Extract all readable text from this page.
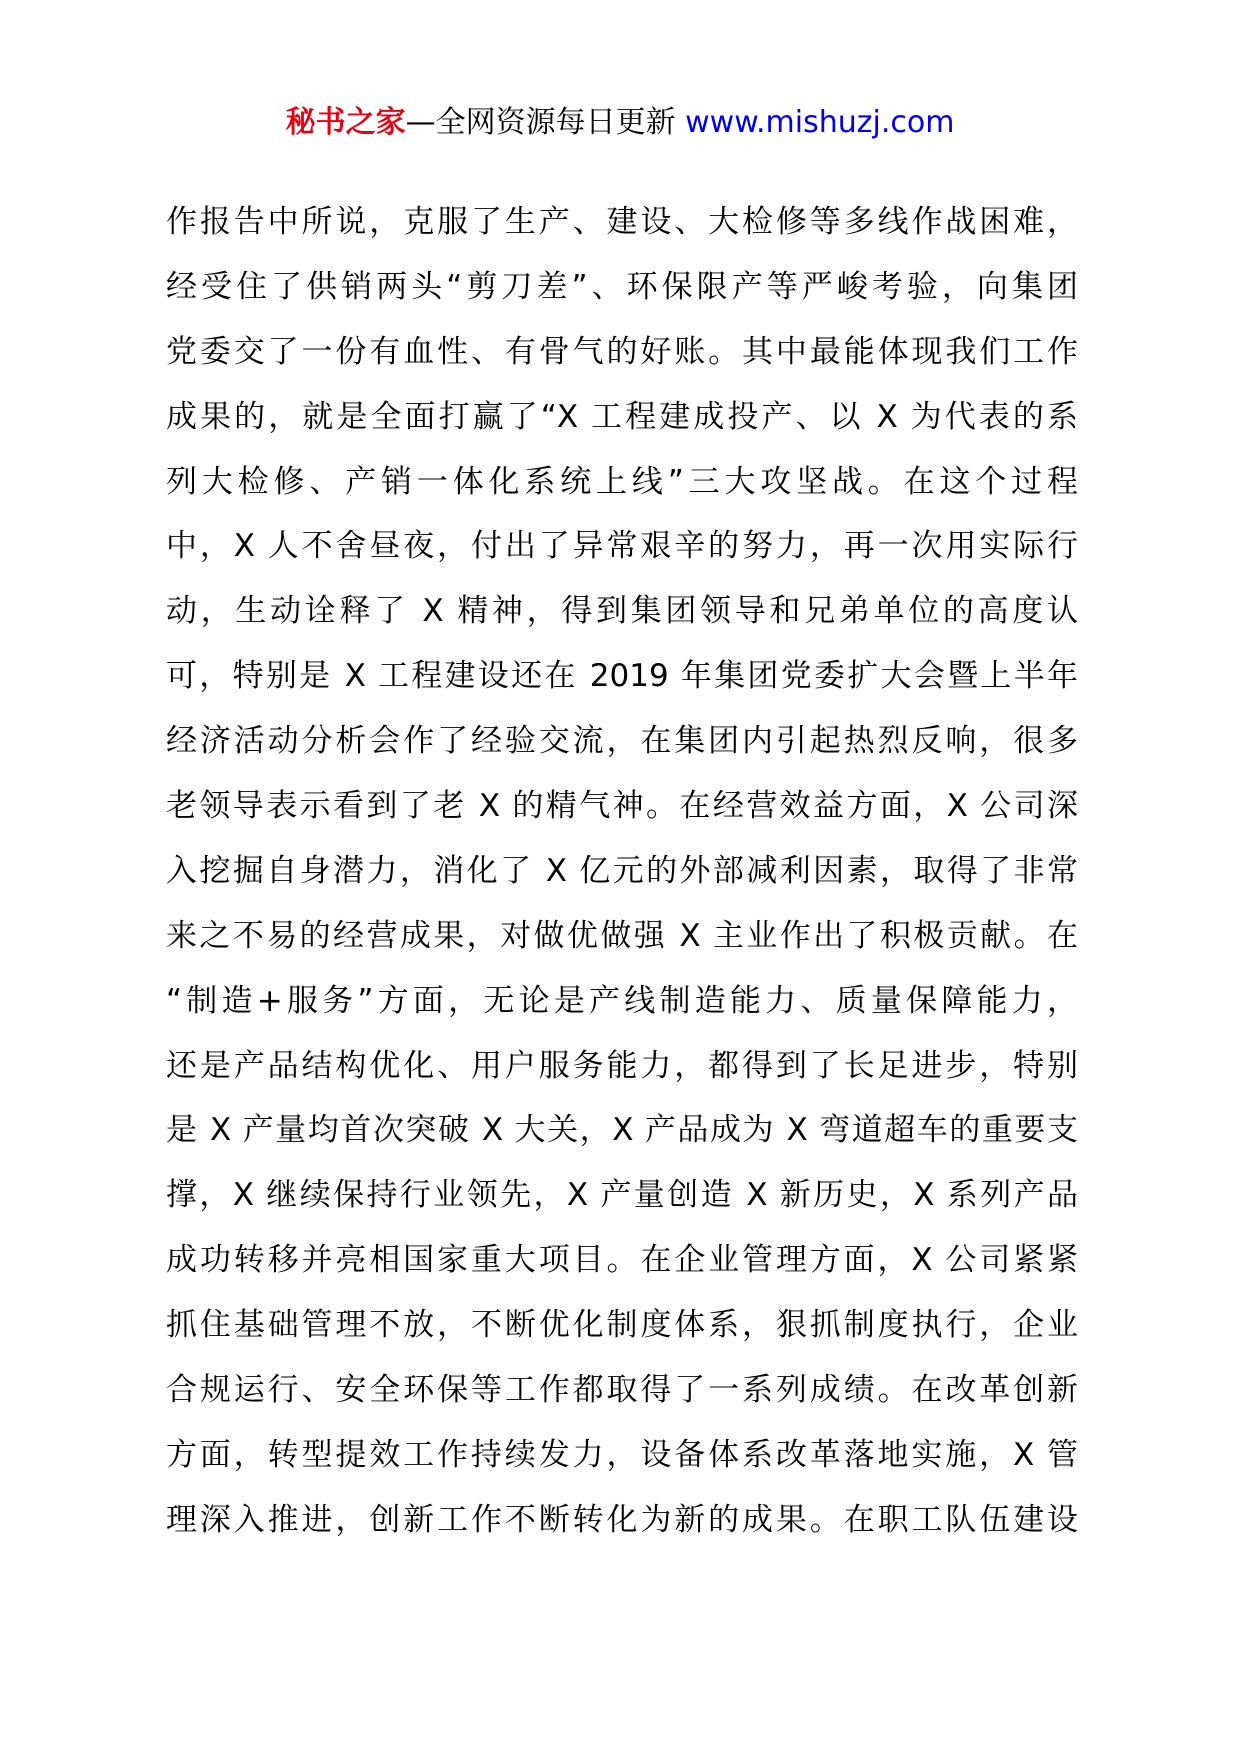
秘书之家—全网资源每日更新 www.mishuzj.com
作报告中所说，克服了生产、建设、大检修等多线作战困难，
经受住了供销两头“剪刀差”、环保限产等严峻考验，向集团
党委交了一份有血性、有骨气的好账。其中最能体现我们工作
成果的，就是全面打赢了“X 工程建成投产、以 X 为代表的系
列大检修、产销一体化系统上线”三大攻坚战。在这个过程
中，X 人不舍昼夜，付出了异常艰辛的努力，再一次用实际行
动，生动诠释了 X 精神，得到集团领导和兄弟单位的高度认
可，特别是 X 工程建设还在 2019 年集团党委扩大会暨上半年
经济活动分析会作了经验交流，在集团内引起热烈反响，很多
老领导表示看到了老 X 的精气神。在经营效益方面，X 公司深
入挖掘自身潜力，消化了 X 亿元的外部减利因素，取得了非常
来之不易的经营成果，对做优做强 X 主业作出了积极贡献。在
“制造+服务”方面，无论是产线制造能力、质量保障能力，
还是产品结构优化、用户服务能力，都得到了长足进步，特别
是 X 产量均首次突破 X 大关，X 产品成为 X 弯道超车的重要支
撑，X 继续保持行业领先，X 产量创造 X 新历史，X 系列产品
成功转移并亮相国家重大项目。在企业管理方面，X 公司紧紧
抓住基础管理不放，不断优化制度体系，狠抓制度执行，企业
合规运行、安全环保等工作都取得了一系列成绩。在改革创新
方面，转型提效工作持续发力，设备体系改革落地实施，X 管
理深入推进，创新工作不断转化为新的成果。在职工队伍建设
